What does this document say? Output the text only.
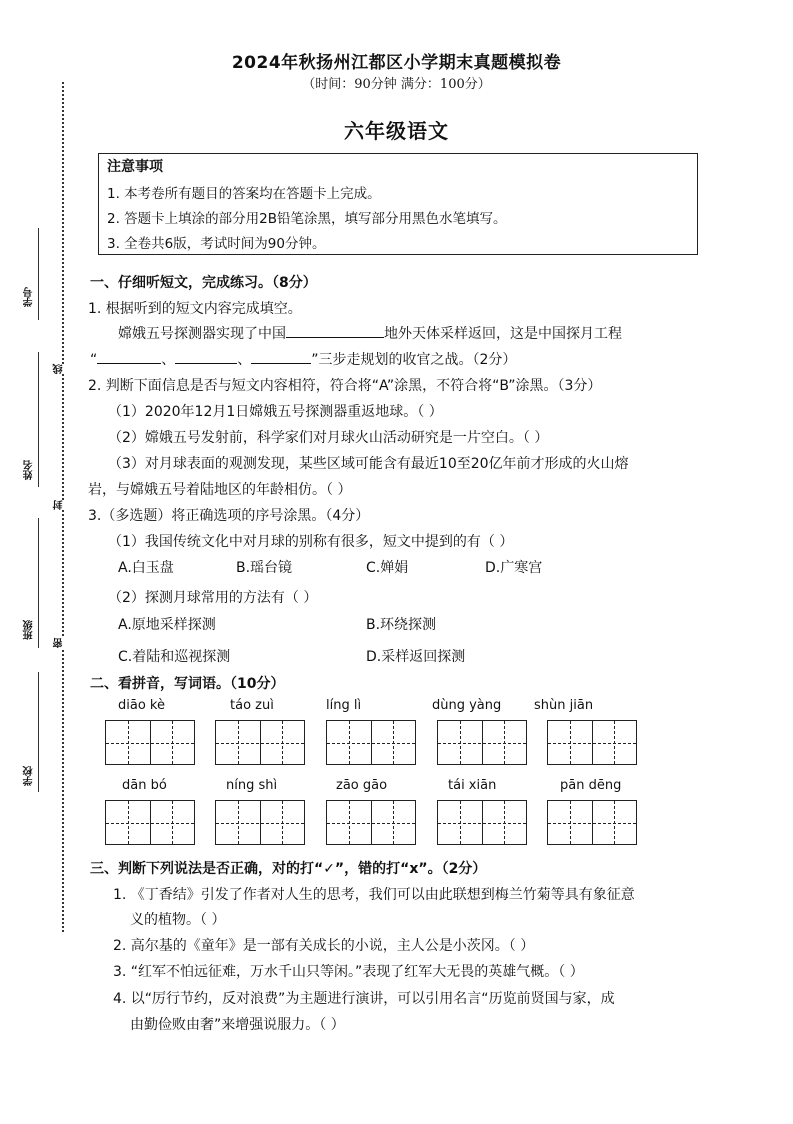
2024年秋扬州江都区小学期末真题模拟卷
（时间：90分钟 满分：100分）
六年级语文
注意事项
1. 本考卷所有题目的答案均在答题卡上完成。
2. 答题卡上填涂的部分用2B铅笔涂黑，填写部分用黑色水笔填写。
3. 全卷共6版，考试时间为90分钟。
学号
姓名
班级
学校
线
封
密
一、仔细听短文，完成练习。（8分）
1. 根据听到的短文内容完成填空。
嫦娥五号探测器实现了中国	地外天体采样返回，这是中国探月工程
“	、	、	”三步走规划的收官之战。（2分）
2. 判断下面信息是否与短文内容相符，符合将“A”涂黑，不符合将“B”涂黑。（3分）
（1）2020年12月1日嫦娥五号探测器重返地球。（ ）
（2）嫦娥五号发射前，科学家们对月球火山活动研究是一片空白。（ ）
（3）对月球表面的观测发现，某些区域可能含有最近10至20亿年前才形成的火山熔
岩，与嫦娥五号着陆地区的年龄相仿。（ ）
3.（多选题）将正确选项的序号涂黑。（4分）
（1）我国传统文化中对月球的别称有很多，短文中提到的有（ ）
A.白玉盘	B.瑶台镜	C.婵娟	D.广寒宫
（2）探测月球常用的方法有（ ）
A.原地采样探测	B.环绕探测
C.着陆和巡视探测	D.采样返回探测
二、看拼音，写词语。（10分）
diāo kè	táo zuì	líng lì	dùng yàng	shùn jiān
dān bó	níng shì	zāo gāo	tái xiān	pān dēng
三、判断下列说法是否正确，对的打“✓”，错的打“x”。（2分）
1. 《丁香结》引发了作者对人生的思考，我们可以由此联想到梅兰竹菊等具有象征意
义的植物。（ ）
2. 高尔基的《童年》是一部有关成长的小说，主人公是小茨冈。（ ）
3. “红军不怕远征难，万水千山只等闲。”表现了红军大无畏的英雄气概。（ ）
4. 以“厉行节约，反对浪费”为主题进行演讲，可以引用名言“历览前贤国与家，成
由勤俭败由奢”来增强说服力。（ ）
